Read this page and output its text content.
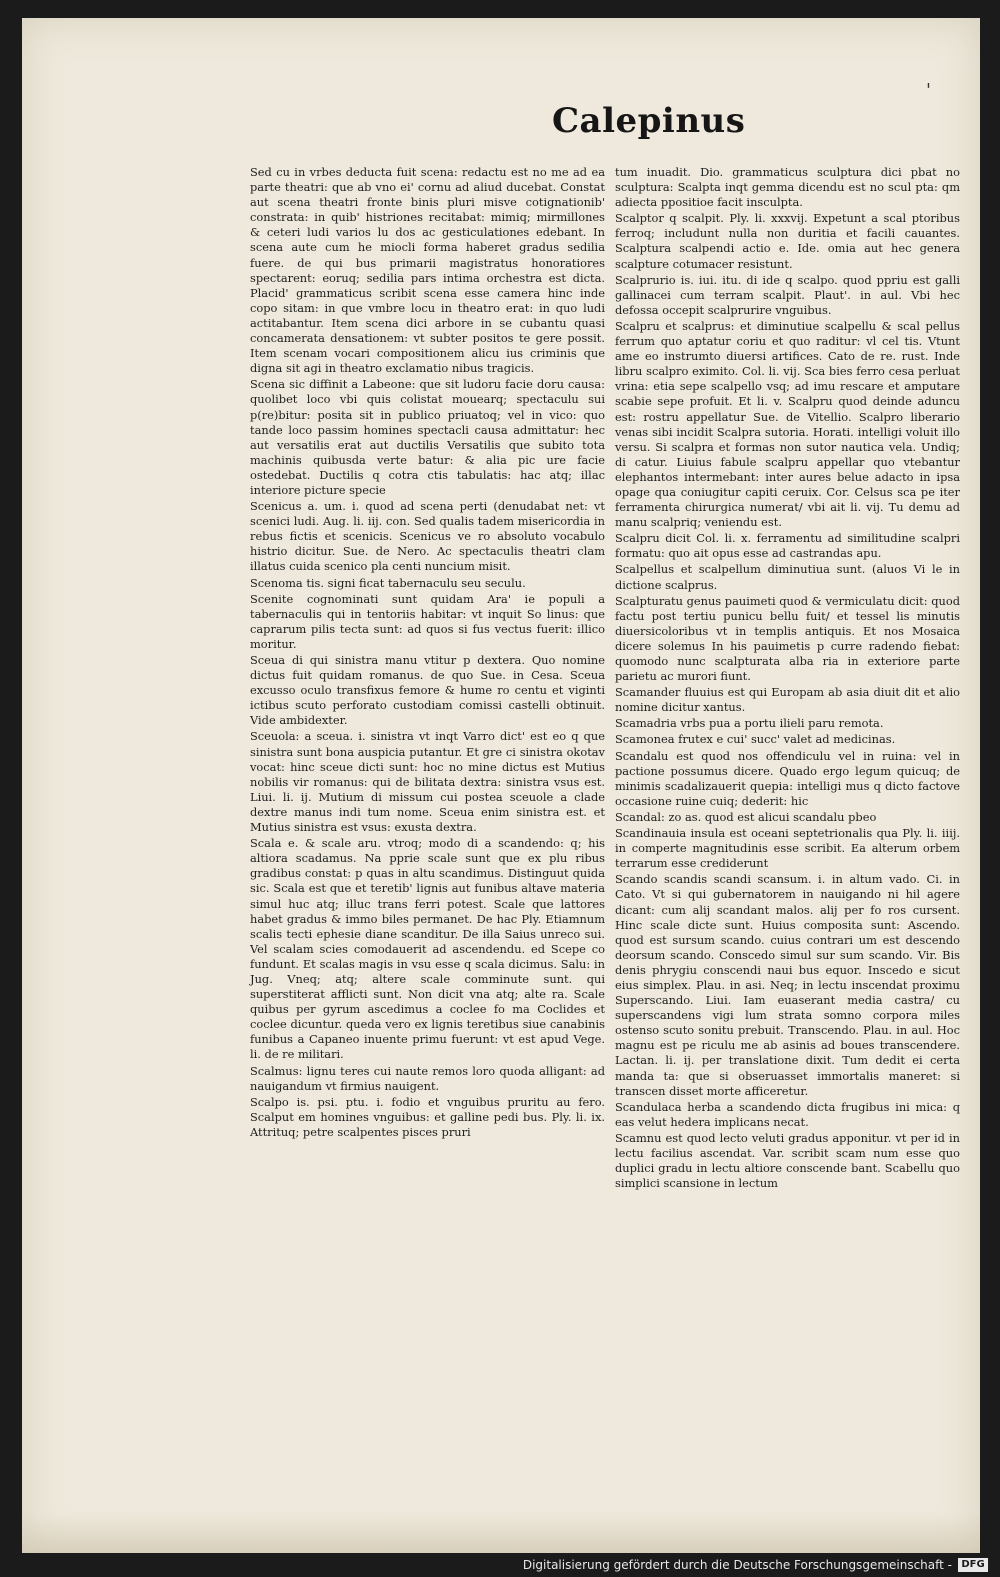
Calepinus
'

Sed cu in vrbes deducta fuit scena: redactu est no me ad ea parte theatri: que ab vno ei' cornu ad aliud ducebat. Constat aut scena theatri fronte binis pluri misve cotignationib' constrata: in quib' histriones recitabat: mimiq; mirmillones & ceteri ludi varios lu dos ac gesticulationes edebant. In scena aute cum he miocli forma haberet gradus sedilia fuere. de qui bus primarii magistratus honoratiores spectarent: eoruq; sedilia pars intima orchestra est dicta. Placid' grammaticus scribit scena esse camera hinc inde copo sitam: in que vmbre locu in theatro erat: in quo ludi actitabantur. Item scena dici arbore in se cubantu quasi concamerata densationem: vt subter positos te gere possit. Item scenam vocari compositionem alicu ius criminis que digna sit agi in theatro exclamatio nibus tragicis.

Scena sic diffinit a Labeone: que sit ludoru facie doru causa: quolibet loco vbi quis colistat mouearq; spectaculu sui p(re)bitur: posita sit in publico priuatoq; vel in vico: quo tande loco passim homines spectacli causa admittatur: hec aut versatilis erat aut ductilis Versatilis que subito tota machinis quibusda verte batur: & alia pic ure facie ostedebat. Ductilis q cotra ctis tabulatis: hac atq; illac interiore picture specie

Scenicus a. um. i. quod ad scena perti (denudabat net: vt scenici ludi. Aug. li. iij. con. Sed qualis tadem misericordia in rebus fictis et scenicis. Scenicus ve ro absoluto vocabulo histrio dicitur. Sue. de Nero. Ac spectaculis theatri clam illatus cuida scenico pla centi nuncium misit.

Scenoma tis. signi ficat tabernaculu seu seculu.

Scenite cognominati sunt quidam Ara' ie populi a tabernaculis qui in tentoriis habitar: vt inquit So linus: que caprarum pilis tecta sunt: ad quos si fus vectus fuerit: illico moritur.

Sceua di qui sinistra manu vtitur p dextera. Quo nomine dictus fuit quidam romanus. de quo Sue. in Cesa. Sceua excusso oculo transfixus femore & hume ro centu et viginti ictibus scuto perforato custodiam comissi castelli obtinuit. Vide ambidexter.

Sceuola: a sceua. i. sinistra vt inqt Varro dict' est eo q que sinistra sunt bona auspicia putantur. Et gre ci sinistra okotav vocat: hinc sceue dicti sunt: hoc no mine dictus est Mutius nobilis vir romanus: qui de bilitata dextra: sinistra vsus est. Liui. li. ij. Mutium di missum cui postea sceuole a clade dextre manus indi tum nome. Sceua enim sinistra est. et Mutius sinistra est vsus: exusta dextra.

Scala e. & scale aru. vtroq; modo di a scandendo: q; his altiora scadamus. Na pprie scale sunt que ex plu ribus gradibus constat: p quas in altu scandimus. Distinguut quida sic. Scala est que et teretib' lignis aut funibus altave materia simul huc atq; illuc trans ferri potest. Scale que lattores habet gradus & immo biles permanet. De hac Ply. Etiamnum scalis tecti ephesie diane scanditur. De illa Saius unreco sui. Vel scalam scies comodauerit ad ascendendu. ed Scepe co fundunt. Et scalas magis in vsu esse q scala dicimus. Salu: in Jug. Vneq; atq; altere scale comminute sunt. qui superstiterat afflicti sunt. Non dicit vna atq; alte ra. Scale quibus per gyrum ascedimus a coclee fo ma Coclides et coclee dicuntur. queda vero ex lignis teretibus siue canabinis funibus a Capaneo inuente primu fuerunt: vt est apud Vege. li. de re militari.

Scalmus: lignu teres cui naute remos loro quoda alligant: ad nauigandum vt firmius nauigent.

Scalpo is. psi. ptu. i. fodio et vnguibus pruritu au fero. Scalput em homines vnguibus: et galline pedi bus. Ply. li. ix. Attrituq; petre scalpentes pisces pruri

tum inuadit. Dio. grammaticus sculptura dici pbat no sculptura: Scalpta inqt gemma dicendu est no scul pta: qm adiecta ppositioe facit insculpta.

Scalptor q scalpit. Ply. li. xxxvij. Expetunt a scal ptoribus ferroq; includunt nulla non duritia et facili cauantes. Scalptura scalpendi actio e. Ide. omia aut hec genera scalpture cotumacer resistunt.

Scalprurio is. iui. itu. di ide q scalpo. quod ppriu est galli gallinacei cum terram scalpit. Plaut'. in aul. Vbi hec defossa occepit scalprurire vnguibus.

Scalpru et scalprus: et diminutiue scalpellu & scal pellus ferrum quo aptatur coriu et quo raditur: vl cel tis. Vtunt ame eo instrumto diuersi artifices. Cato de re. rust. Inde libru scalpro eximito. Col. li. vij. Sca bies ferro cesa perluat vrina: etia sepe scalpello vsq; ad imu rescare et amputare scabie sepe profuit. Et li. v. Scalpru quod deinde aduncu est: rostru appellatur Sue. de Vitellio. Scalpro liberario venas sibi incidit Scalpra sutoria. Horati. intelligi voluit illo versu. Si scalpra et formas non sutor nautica vela. Undiq; di catur. Liuius fabule scalpru appellar quo vtebantur elephantos intermebant: inter aures belue adacto in ipsa opage qua coniugitur capiti ceruix. Cor. Celsus sca pe iter ferramenta chirurgica numerat/ vbi ait li. vij. Tu demu ad manu scalpriq; veniendu est.

Scalpru dicit Col. li. x. ferramentu ad similitudine scalpri formatu: quo ait opus esse ad castrandas apu.

Scalpellus et scalpellum diminutiua sunt. (aluos Vi le in dictione scalprus.

Scalpturatu genus pauimeti quod & vermiculatu dicit: quod factu post tertiu punicu bellu fuit/ et tessel lis minutis diuersicoloribus vt in templis antiquis. Et nos Mosaica dicere solemus In his pauimetis p curre radendo fiebat: quomodo nunc scalpturata alba ria in exteriore parte parietu ac murori fiunt.

Scamander fluuius est qui Europam ab asia diuit dit et alio nomine dicitur xantus.

Scamadria vrbs pua a portu ilieli paru remota.

Scamonea frutex e cui' succ' valet ad medicinas.

Scandalu est quod nos offendiculu vel in ruina: vel in pactione possumus dicere. Quado ergo legum quicuq; de minimis scadalizauerit quepia: intelligi mus q dicto factove occasione ruine cuiq; dederit: hic

Scandal: zo as. quod est alicui scandalu pbeo

Scandinauia insula est oceani septetrionalis qua Ply. li. iiij. in comperte magnitudinis esse scribit. Ea alterum orbem terrarum esse crediderunt

Scando scandis scandi scansum. i. in altum vado. Ci. in Cato. Vt si qui gubernatorem in nauigando ni hil agere dicant: cum alij scandant malos. alij per fo ros cursent. Hinc scale dicte sunt. Huius composita sunt: Ascendo. quod est sursum scando. cuius contrari um est descendo deorsum scando. Conscedo simul sur sum scando. Vir. Bis denis phrygiu conscendi naui bus equor. Inscedo e sicut eius simplex. Plau. in asi. Neq; in lectu inscendat proximu Superscando. Liui. Iam euaserant media castra/ cu superscandens vigi lum strata somno corpora miles ostenso scuto sonitu prebuit. Transcendo. Plau. in aul. Hoc magnu est pe riculu me ab asinis ad boues transcendere. Lactan. li. ij. per translatione dixit. Tum dedit ei certa manda ta: que si obseruasset immortalis maneret: si transcen disset morte afficeretur.

Scandulaca herba a scandendo dicta frugibus ini mica: q eas velut hedera implicans necat.

Scamnu est quod lecto veluti gradus apponitur. vt per id in lectu facilius ascendat. Var. scribit scam num esse quo duplici gradu in lectu altiore conscende bant. Scabellu quo simplici scansione in lectum

Digitalisierung gefördert durch die Deutsche Forschungsgemeinschaft - DFG
